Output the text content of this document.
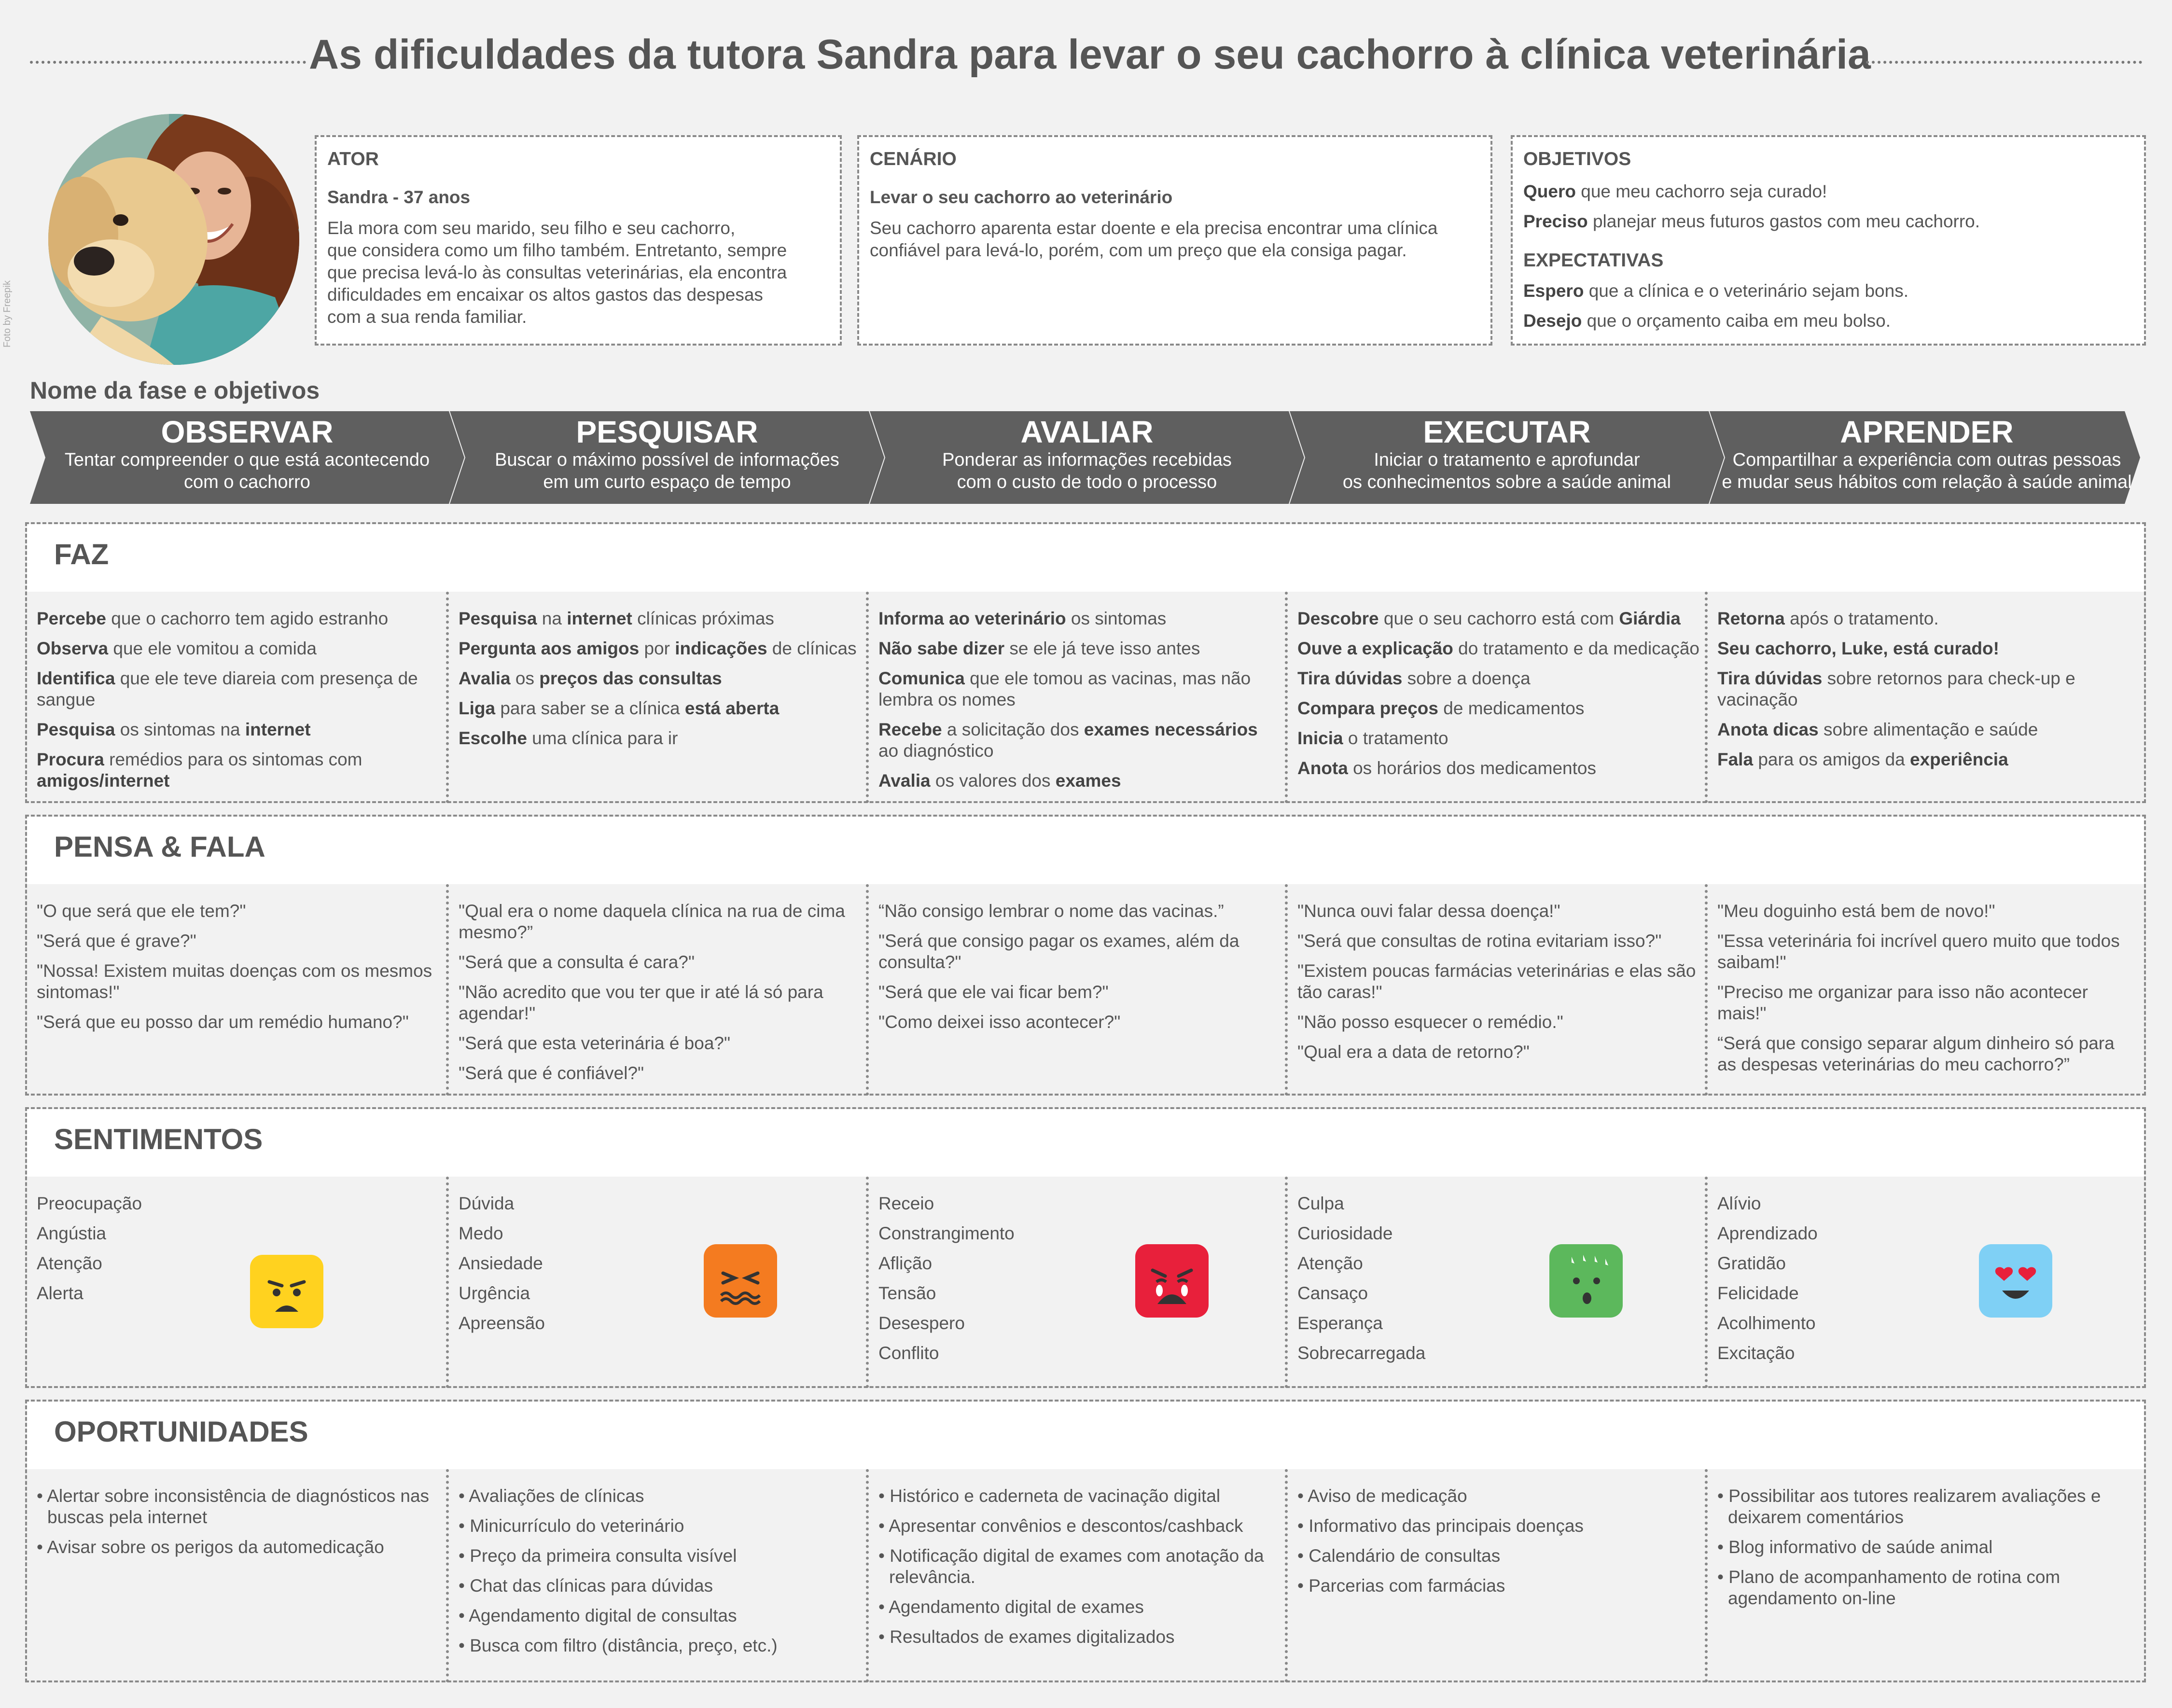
As dificuldades da tutora Sandra para levar o seu cachorro à clínica veterinária
Foto by Freepik
ATOR
Sandra - 37 anos

Ela mora com seu marido, seu filho e seu cachorro,

que considera como um filho também. Entretanto, sempre

que precisa levá-lo às consultas veterinárias, ela encontra

dificuldades em encaixar os altos gastos das despesas

com a sua renda familiar.

CENÁRIO
Levar o seu cachorro ao veterinário

Seu cachorro aparenta estar doente e ela precisa encontrar uma clínica

confiável para levá-lo, porém, com um preço que ela consiga pagar.

OBJETIVOS
Quero que meu cachorro seja curado!
Preciso planejar meus futuros gastos com meu cachorro.
EXPECTATIVAS
Espero que a clínica e o veterinário sejam bons.
Desejo que o orçamento caiba em meu bolso.
Nome da fase e objetivos
OBSERVAR
Tentar compreender o que está acontecendo
com o cachorro
PESQUISAR
Buscar o máximo possível de informações
em um curto espaço de tempo
AVALIAR
Ponderar as informações recebidas
com o custo de todo o processo
EXECUTAR
Iniciar o tratamento e aprofundar
os conhecimentos sobre a saúde animal
APRENDER
Compartilhar a experiência com outras pessoas
e mudar seus hábitos com relação à saúde animal
FAZ
Percebe que o cachorro tem agido estranho
Observa que ele vomitou a comida
Identifica que ele teve diareia com presença de sangue
Pesquisa os sintomas na internet
Procura remédios para os sintomas com amigos/internet
Pesquisa na internet clínicas próximas
Pergunta aos amigos por indicações de clínicas
Avalia os preços das consultas
Liga para saber se a clínica está aberta
Escolhe uma clínica para ir
Informa ao veterinário os sintomas
Não sabe dizer se ele já teve isso antes
Comunica que ele tomou as vacinas, mas não lembra os nomes
Recebe a solicitação dos exames necessários ao diagnóstico
Avalia os valores dos exames
Descobre que o seu cachorro está com Giárdia
Ouve a explicação do tratamento e da medicação
Tira dúvidas sobre a doença
Compara preços de medicamentos
Inicia o tratamento
Anota os horários dos medicamentos
Retorna após o tratamento.
Seu cachorro, Luke, está curado!
Tira dúvidas sobre retornos para check-up e vacinação
Anota dicas sobre alimentação e saúde
Fala para os amigos da experiência
PENSA & FALA
"O que será que ele tem?"
"Será que é grave?"
"Nossa! Existem muitas doenças com os mesmos sintomas!"
"Será que eu posso dar um remédio humano?"
"Qual era o nome daquela clínica na rua de cima mesmo?”
"Será que a consulta é cara?"
"Não acredito que vou ter que ir até lá só para agendar!"
"Será que esta veterinária é boa?"
"Será que é confiável?"
“Não consigo lembrar o nome das vacinas.”
"Será que consigo pagar os exames, além da consulta?"
"Será que ele vai ficar bem?"
"Como deixei isso acontecer?"
"Nunca ouvi falar dessa doença!"
"Será que consultas de rotina evitariam isso?"
"Existem poucas farmácias veterinárias e elas são tão caras!"
"Não posso esquecer o remédio."
"Qual era a data de retorno?"
"Meu doguinho está bem de novo!"
"Essa veterinária foi incrível quero muito que todos saibam!"
"Preciso me organizar para isso não acontecer mais!"
“Será que consigo separar algum dinheiro só para as despesas veterinárias do meu cachorro?”
SENTIMENTOS
Preocupação
Angústia
Atenção
Alerta
Dúvida
Medo
Ansiedade
Urgência
Apreensão
Receio
Constrangimento
Aflição
Tensão
Desespero
Conflito
Culpa
Curiosidade
Atenção
Cansaço
Esperança
Sobrecarregada
Alívio
Aprendizado
Gratidão
Felicidade
Acolhimento
Excitação
OPORTUNIDADES
• Alertar sobre inconsistência de diagnósticos nas buscas pela internet
• Avisar sobre os perigos da automedicação
• Avaliações de clínicas
• Minicurrículo do veterinário
• Preço da primeira consulta visível
• Chat das clínicas para dúvidas
• Agendamento digital de consultas
• Busca com filtro (distância, preço, etc.)
• Histórico e caderneta de vacinação digital
• Apresentar convênios e descontos/cashback
• Notificação digital de exames com anotação da relevância.
• Agendamento digital de exames
• Resultados de exames digitalizados
• Aviso de medicação
• Informativo das principais doenças
• Calendário de consultas
• Parcerias com farmácias
• Possibilitar aos tutores realizarem avaliações e deixarem comentários
• Blog informativo de saúde animal
• Plano de acompanhamento de rotina com agendamento on-line
